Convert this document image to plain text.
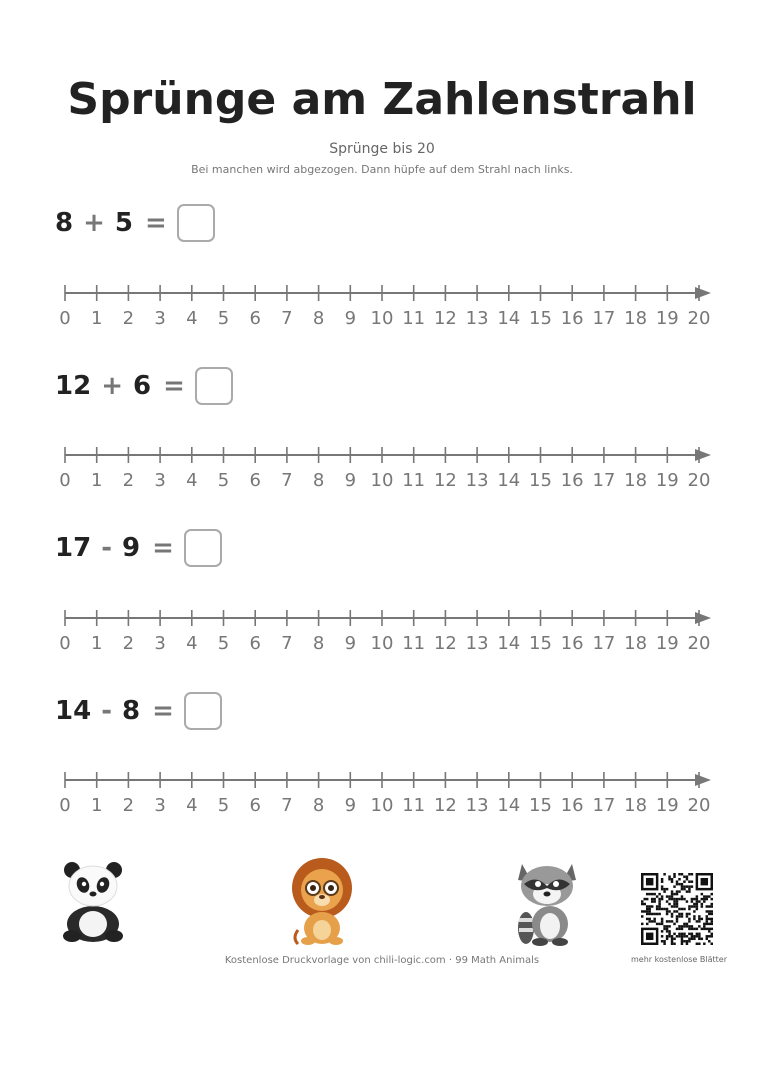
Sprünge am Zahlenstrahl
Sprünge bis 20
Bei manchen wird abgezogen. Dann hüpfe auf dem Strahl nach links.
8 + 5 =
0 1 2 3 4 5 6 7 8 9 10 11 12 13 14 15 16 17 18 19 20
12 + 6 =
0 1 2 3 4 5 6 7 8 9 10 11 12 13 14 15 16 17 18 19 20
17 - 9 =
0 1 2 3 4 5 6 7 8 9 10 11 12 13 14 15 16 17 18 19 20
14 - 8 =
0 1 2 3 4 5 6 7 8 9 10 11 12 13 14 15 16 17 18 19 20
Kostenlose Druckvorlage von chili-logic.com · 99 Math Animals	mehr kostenlose Blätter
